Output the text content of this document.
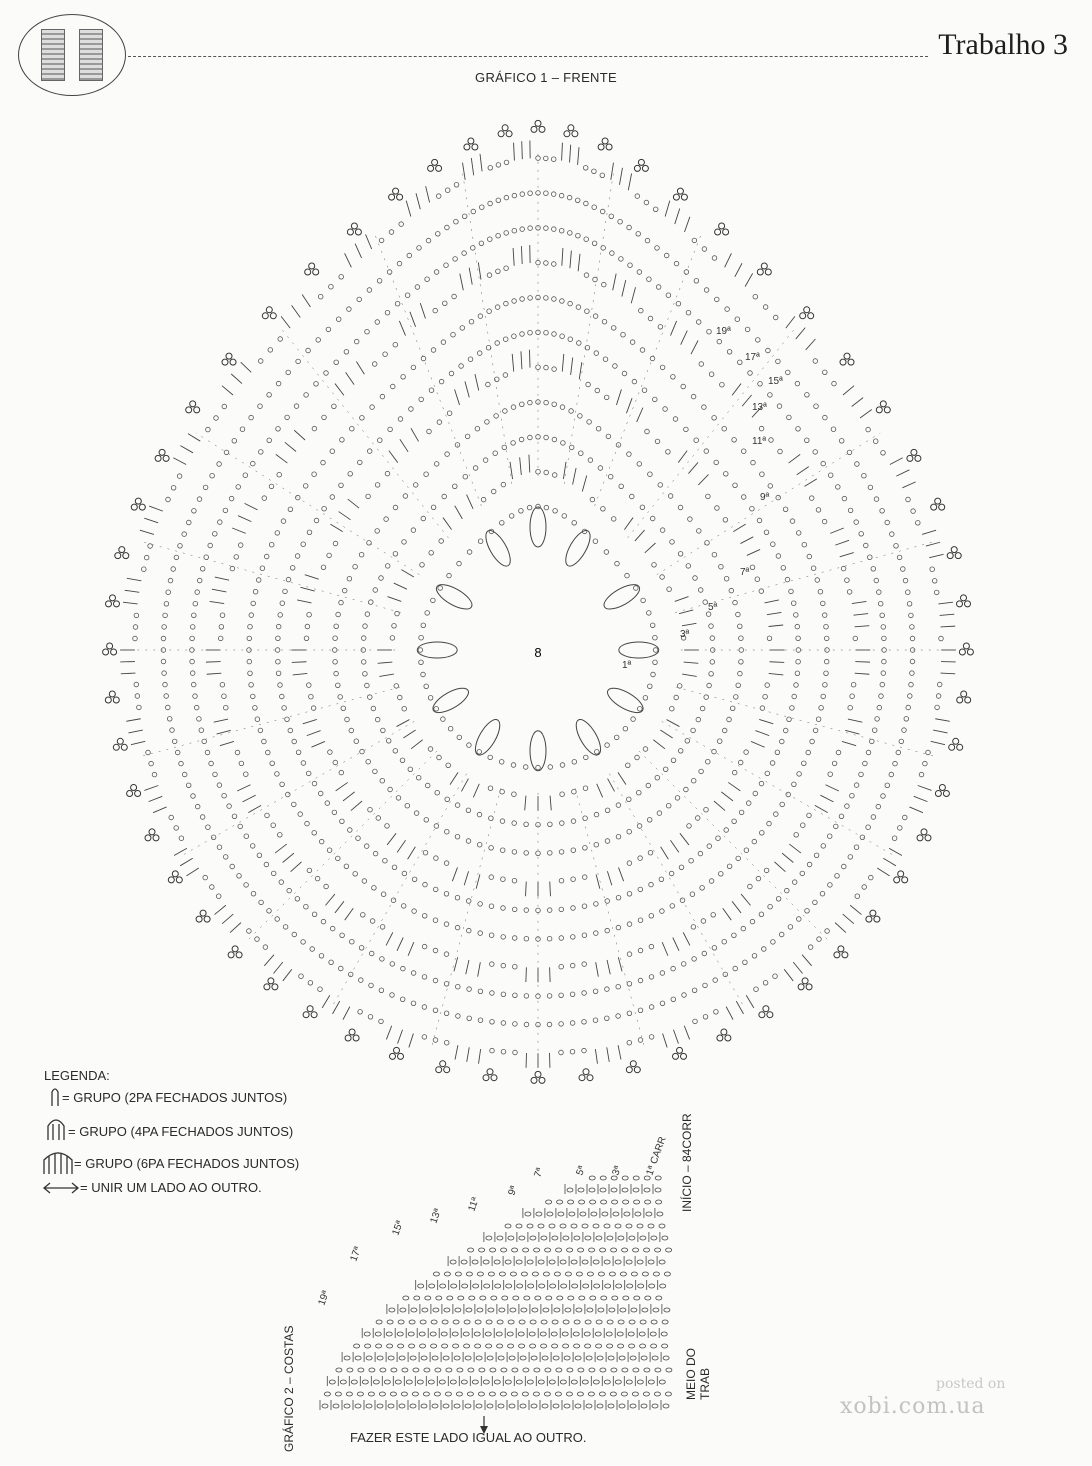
Trabalho 3
GRÁFICO 1 – FRENTE
8
1ª
3ª
5ª
7ª
9ª
11ª
13ª
15ª
17ª
19ª
1ª CARR
3ª
5ª
7ª
9ª
11ª
13ª
15ª
17ª
19ª
LEGENDA:
= GRUPO (2PA FECHADOS JUNTOS)
= GRUPO (4PA FECHADOS JUNTOS)
= GRUPO (6PA FECHADOS JUNTOS)
= UNIR UM LADO AO OUTRO.
GRÁFICO 2 – COSTAS
INÍCIO – 84CORR
MEIO DO TRAB
FAZER ESTE LADO IGUAL AO OUTRO.
posted on
xobi.com.ua
